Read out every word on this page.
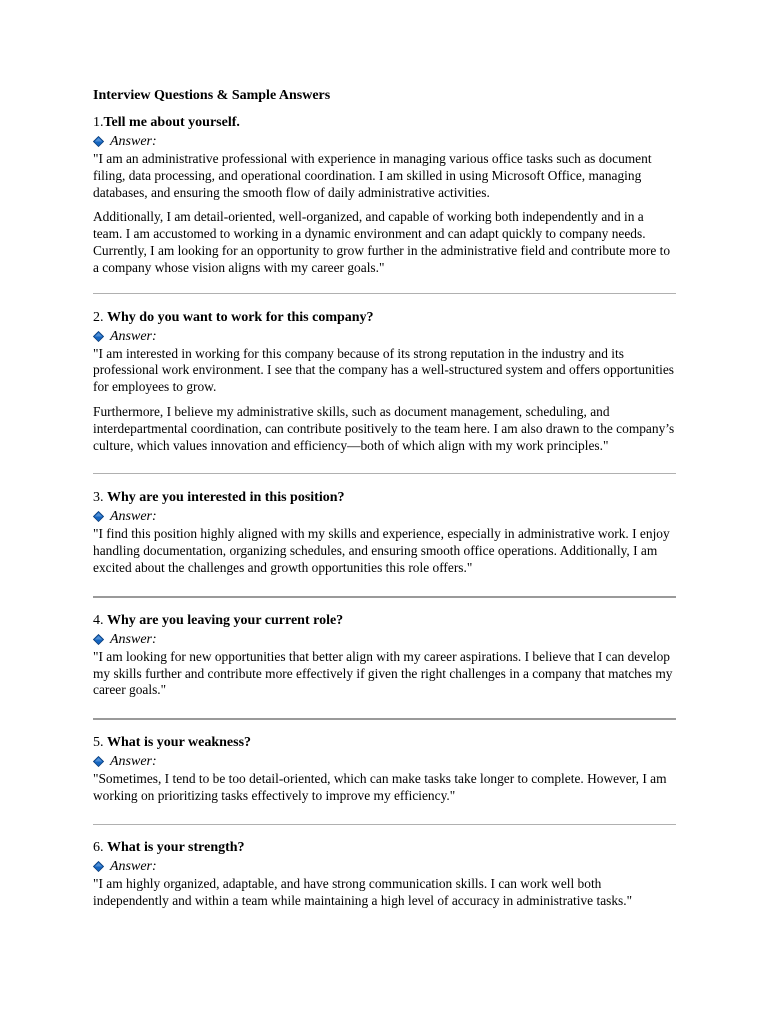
Interview Questions & Sample Answers
1.Tell me about yourself.
Answer:
"I am an administrative professional with experience in managing various office tasks such as document filing, data processing, and operational coordination. I am skilled in using Microsoft Office, managing databases, and ensuring the smooth flow of daily administrative activities.
Additionally, I am detail-oriented, well-organized, and capable of working both independently and in a team. I am accustomed to working in a dynamic environment and can adapt quickly to company needs. Currently, I am looking for an opportunity to grow further in the administrative field and contribute more to a company whose vision aligns with my career goals."
2. Why do you want to work for this company?
Answer:
"I am interested in working for this company because of its strong reputation in the industry and its professional work environment. I see that the company has a well-structured system and offers opportunities for employees to grow.
Furthermore, I believe my administrative skills, such as document management, scheduling, and interdepartmental coordination, can contribute positively to the team here. I am also drawn to the company’s culture, which values innovation and efficiency—both of which align with my work principles."
3. Why are you interested in this position?
Answer:
"I find this position highly aligned with my skills and experience, especially in administrative work. I enjoy handling documentation, organizing schedules, and ensuring smooth office operations. Additionally, I am excited about the challenges and growth opportunities this role offers."
4. Why are you leaving your current role?
Answer:
"I am looking for new opportunities that better align with my career aspirations. I believe that I can develop my skills further and contribute more effectively if given the right challenges in a company that matches my career goals."
5. What is your weakness?
Answer:
"Sometimes, I tend to be too detail-oriented, which can make tasks take longer to complete. However, I am working on prioritizing tasks effectively to improve my efficiency."
6. What is your strength?
Answer:
"I am highly organized, adaptable, and have strong communication skills. I can work well both independently and within a team while maintaining a high level of accuracy in administrative tasks."
